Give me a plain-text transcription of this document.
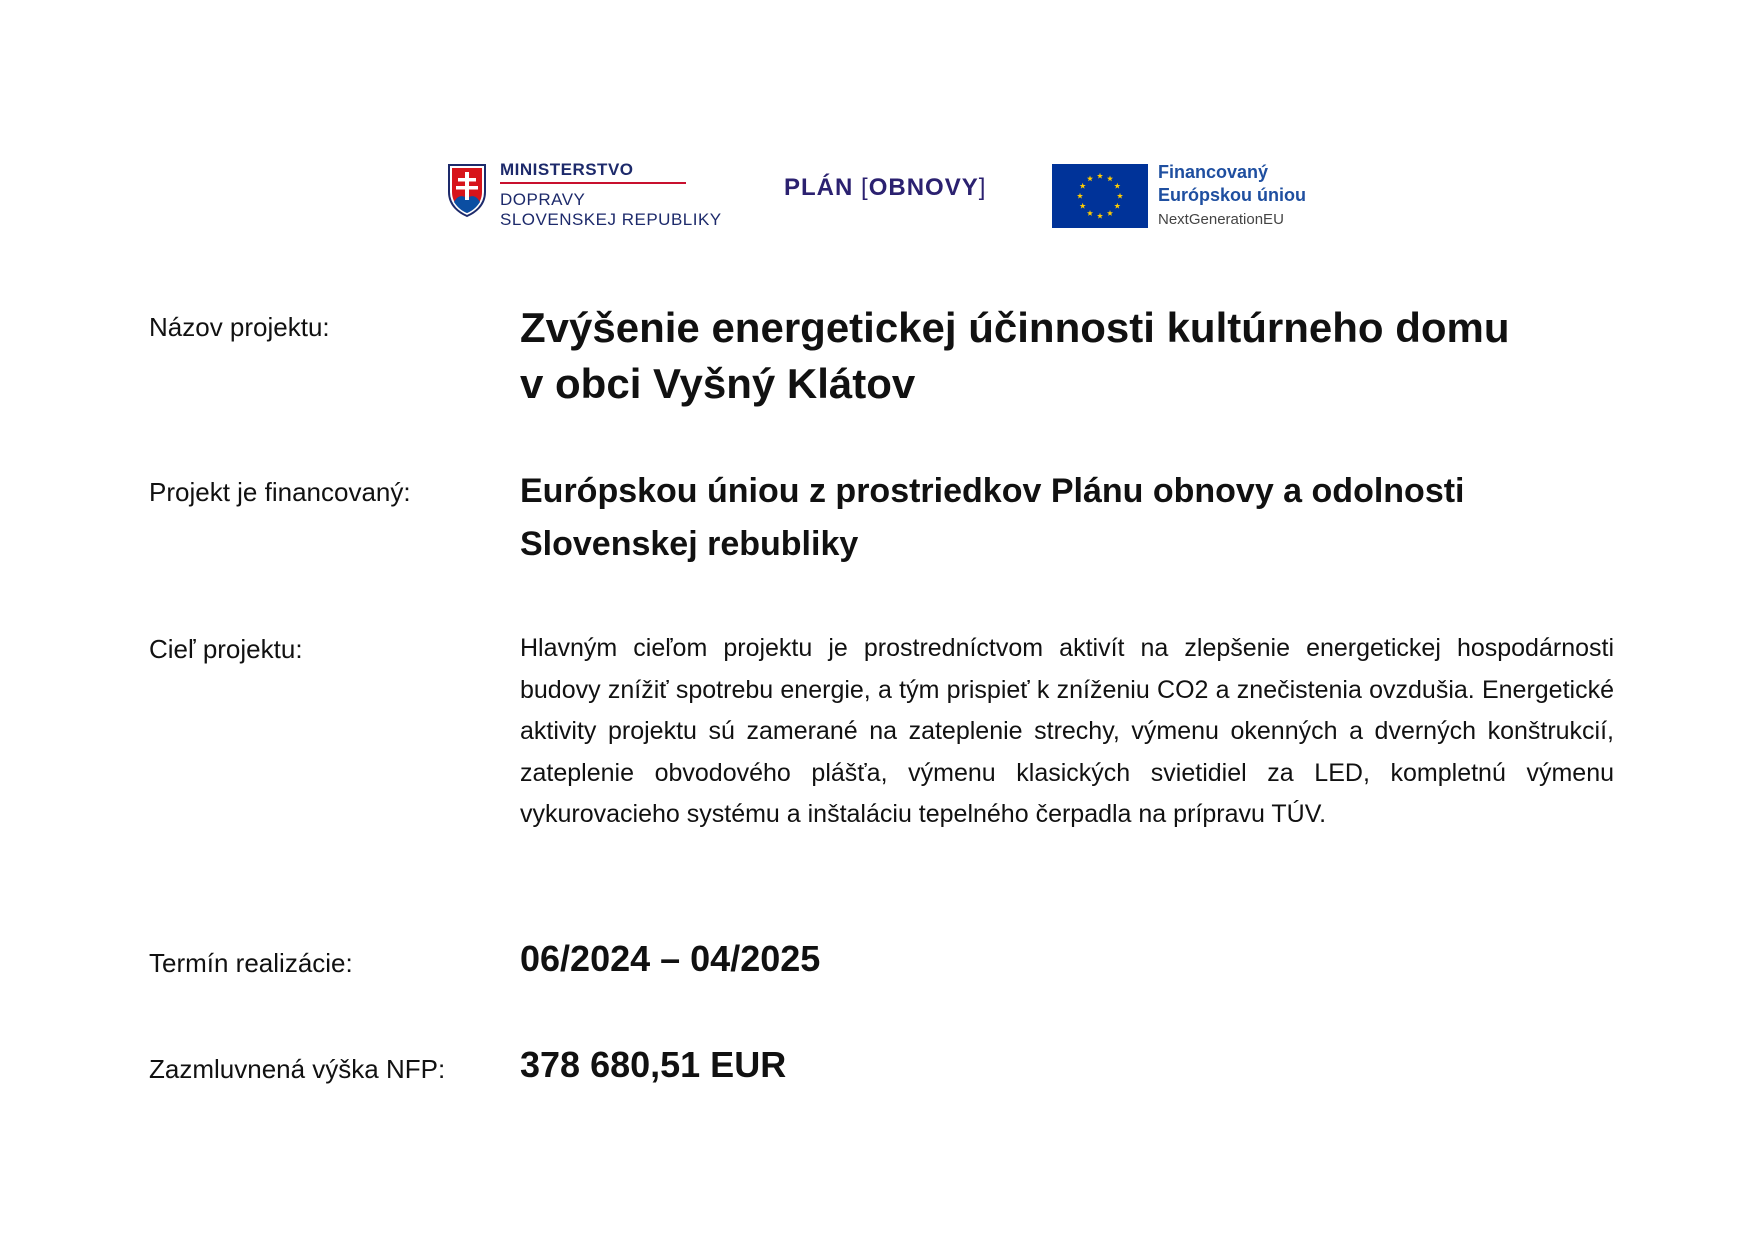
MINISTERSTVO
DOPRAVY
SLOVENSKEJ REPUBLIKY
PLÁN [OBNOVY]
Financovaný
Európskou úniou
NextGenerationEU
Názov projektu:	Zvýšenie energetickej účinnosti kultúrneho domu
v obci Vyšný Klátov
Projekt je financovaný:	Európskou úniou z prostriedkov Plánu obnovy a odolnosti
Slovenskej rebubliky
Cieľ projektu:	Hlavným cieľom projektu je prostredníctvom aktivít na zlepšenie energetickej hospodárnosti budovy znížiť spotrebu energie, a tým prispieť k zníženiu CO2 a znečistenia ovzdušia. Energetické aktivity projektu sú zamerané na zateplenie strechy, výmenu okenných a dverných konštrukcií, zateplenie obvodového plášťa, výmenu klasických svietidiel za LED, kompletnú výmenu vykurovacieho systému a inštaláciu tepelného čerpadla na prípravu TÚV.
Termín realizácie:	06/2024 – 04/2025
Zazmluvnená výška NFP: 378 680,51 EUR
